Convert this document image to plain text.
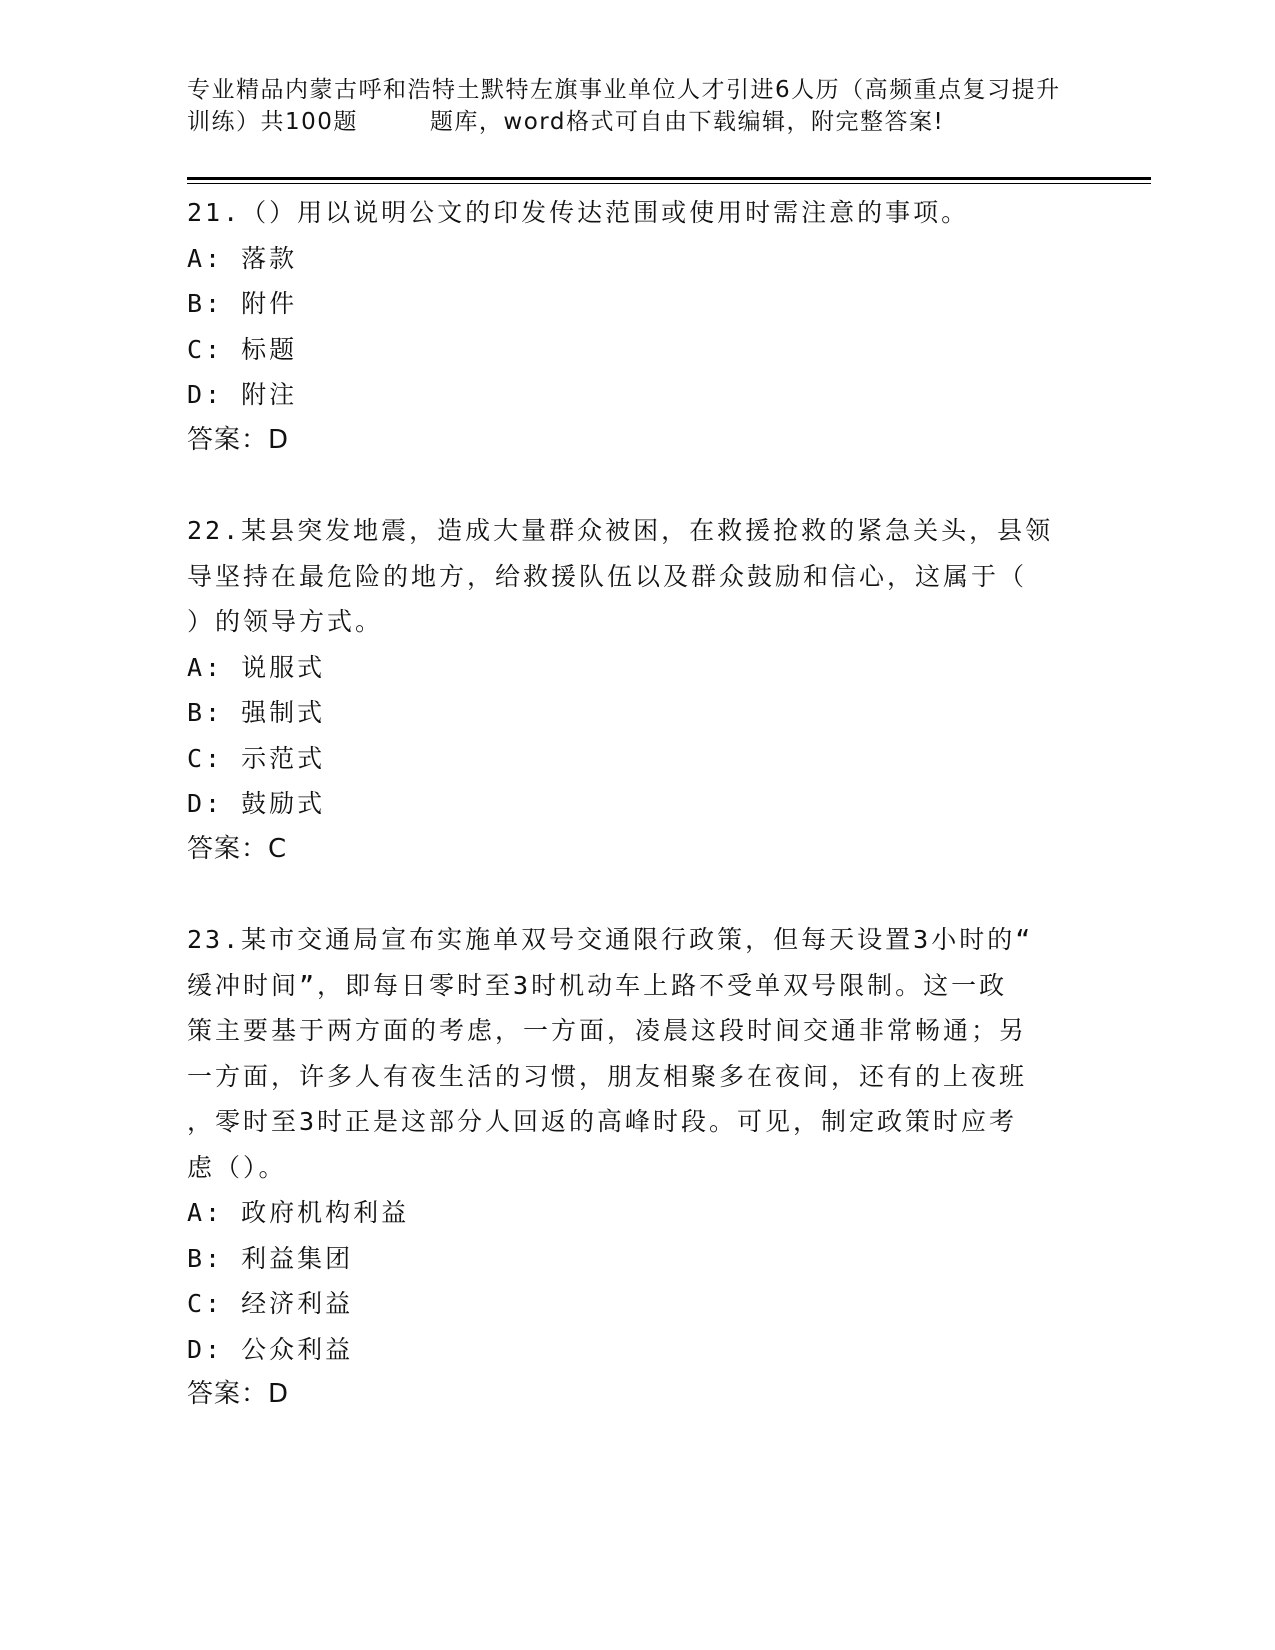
专业精品内蒙古呼和浩特土默特左旗事业单位人才引进6人历（高频重点复习提升
训练）共100题	题库，word格式可自由下载编辑，附完整答案!
21.（）用以说明公文的印发传达范围或使用时需注意的事项。
A: 落款
B: 附件
C: 标题
D: 附注
答案：D
22.某县突发地震，造成大量群众被困，在救援抢救的紧急关头，县领
导坚持在最危险的地方，给救援队伍以及群众鼓励和信心，这属于（
）的领导方式。
A: 说服式
B: 强制式
C: 示范式
D: 鼓励式
答案：C
23.某市交通局宣布实施单双号交通限行政策，但每天设置3小时的“
缓冲时间”，即每日零时至3时机动车上路不受单双号限制。这一政
策主要基于两方面的考虑，一方面，凌晨这段时间交通非常畅通；另
一方面，许多人有夜生活的习惯，朋友相聚多在夜间，还有的上夜班
，零时至3时正是这部分人回返的高峰时段。可见，制定政策时应考
虑（）。
A: 政府机构利益
B: 利益集团
C: 经济利益
D: 公众利益
答案：D
